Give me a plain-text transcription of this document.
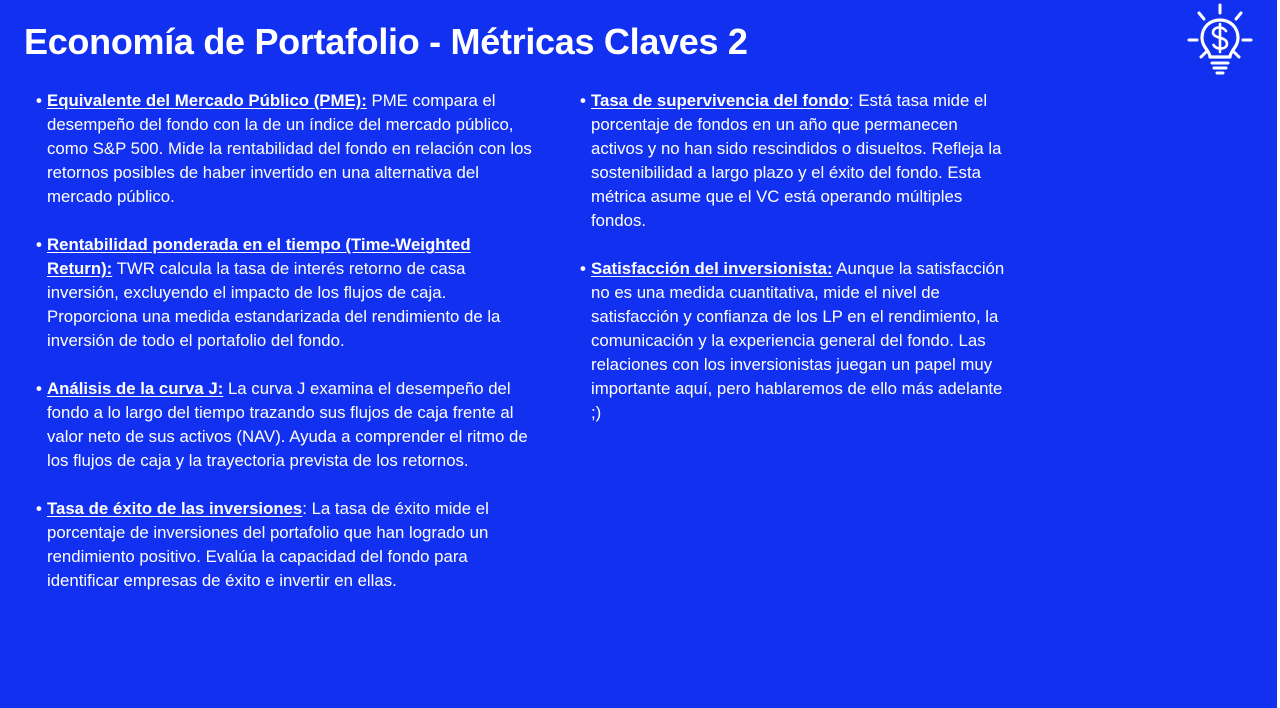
Economía de Portafolio - Métricas Claves 2
• Equivalente del Mercado Público (PME): PME compara el desempeño del fondo con la de un índice del mercado público, como S&P 500. Mide la rentabilidad del fondo en relación con los retornos posibles de haber invertido en una alternativa del mercado público.
• Rentabilidad ponderada en el tiempo (Time-Weighted Return): TWR calcula la tasa de interés retorno de casa inversión, excluyendo el impacto de los flujos de caja. Proporciona una medida estandarizada del rendimiento de la inversión de todo el portafolio del fondo.
• Análisis de la curva J: La curva J examina el desempeño del fondo a lo largo del tiempo trazando sus flujos de caja frente al valor neto de sus activos (NAV). Ayuda a comprender el ritmo de los flujos de caja y la trayectoria prevista de los retornos.
• Tasa de éxito de las inversiones: La tasa de éxito mide el porcentaje de inversiones del portafolio que han logrado un rendimiento positivo. Evalúa la capacidad del fondo para identificar empresas de éxito e invertir en ellas.
• Tasa de supervivencia del fondo: Está tasa mide el porcentaje de fondos en un año que permanecen activos y no han sido rescindidos o disueltos. Refleja la sostenibilidad a largo plazo y el éxito del fondo. Esta métrica asume que el VC está operando múltiples fondos.
• Satisfacción del inversionista: Aunque la satisfacción no es una medida cuantitativa, mide el nivel de satisfacción y confianza de los LP en el rendimiento, la comunicación y la experiencia general del fondo. Las relaciones con los inversionistas juegan un papel muy importante aquí, pero hablaremos de ello más adelante ;)
